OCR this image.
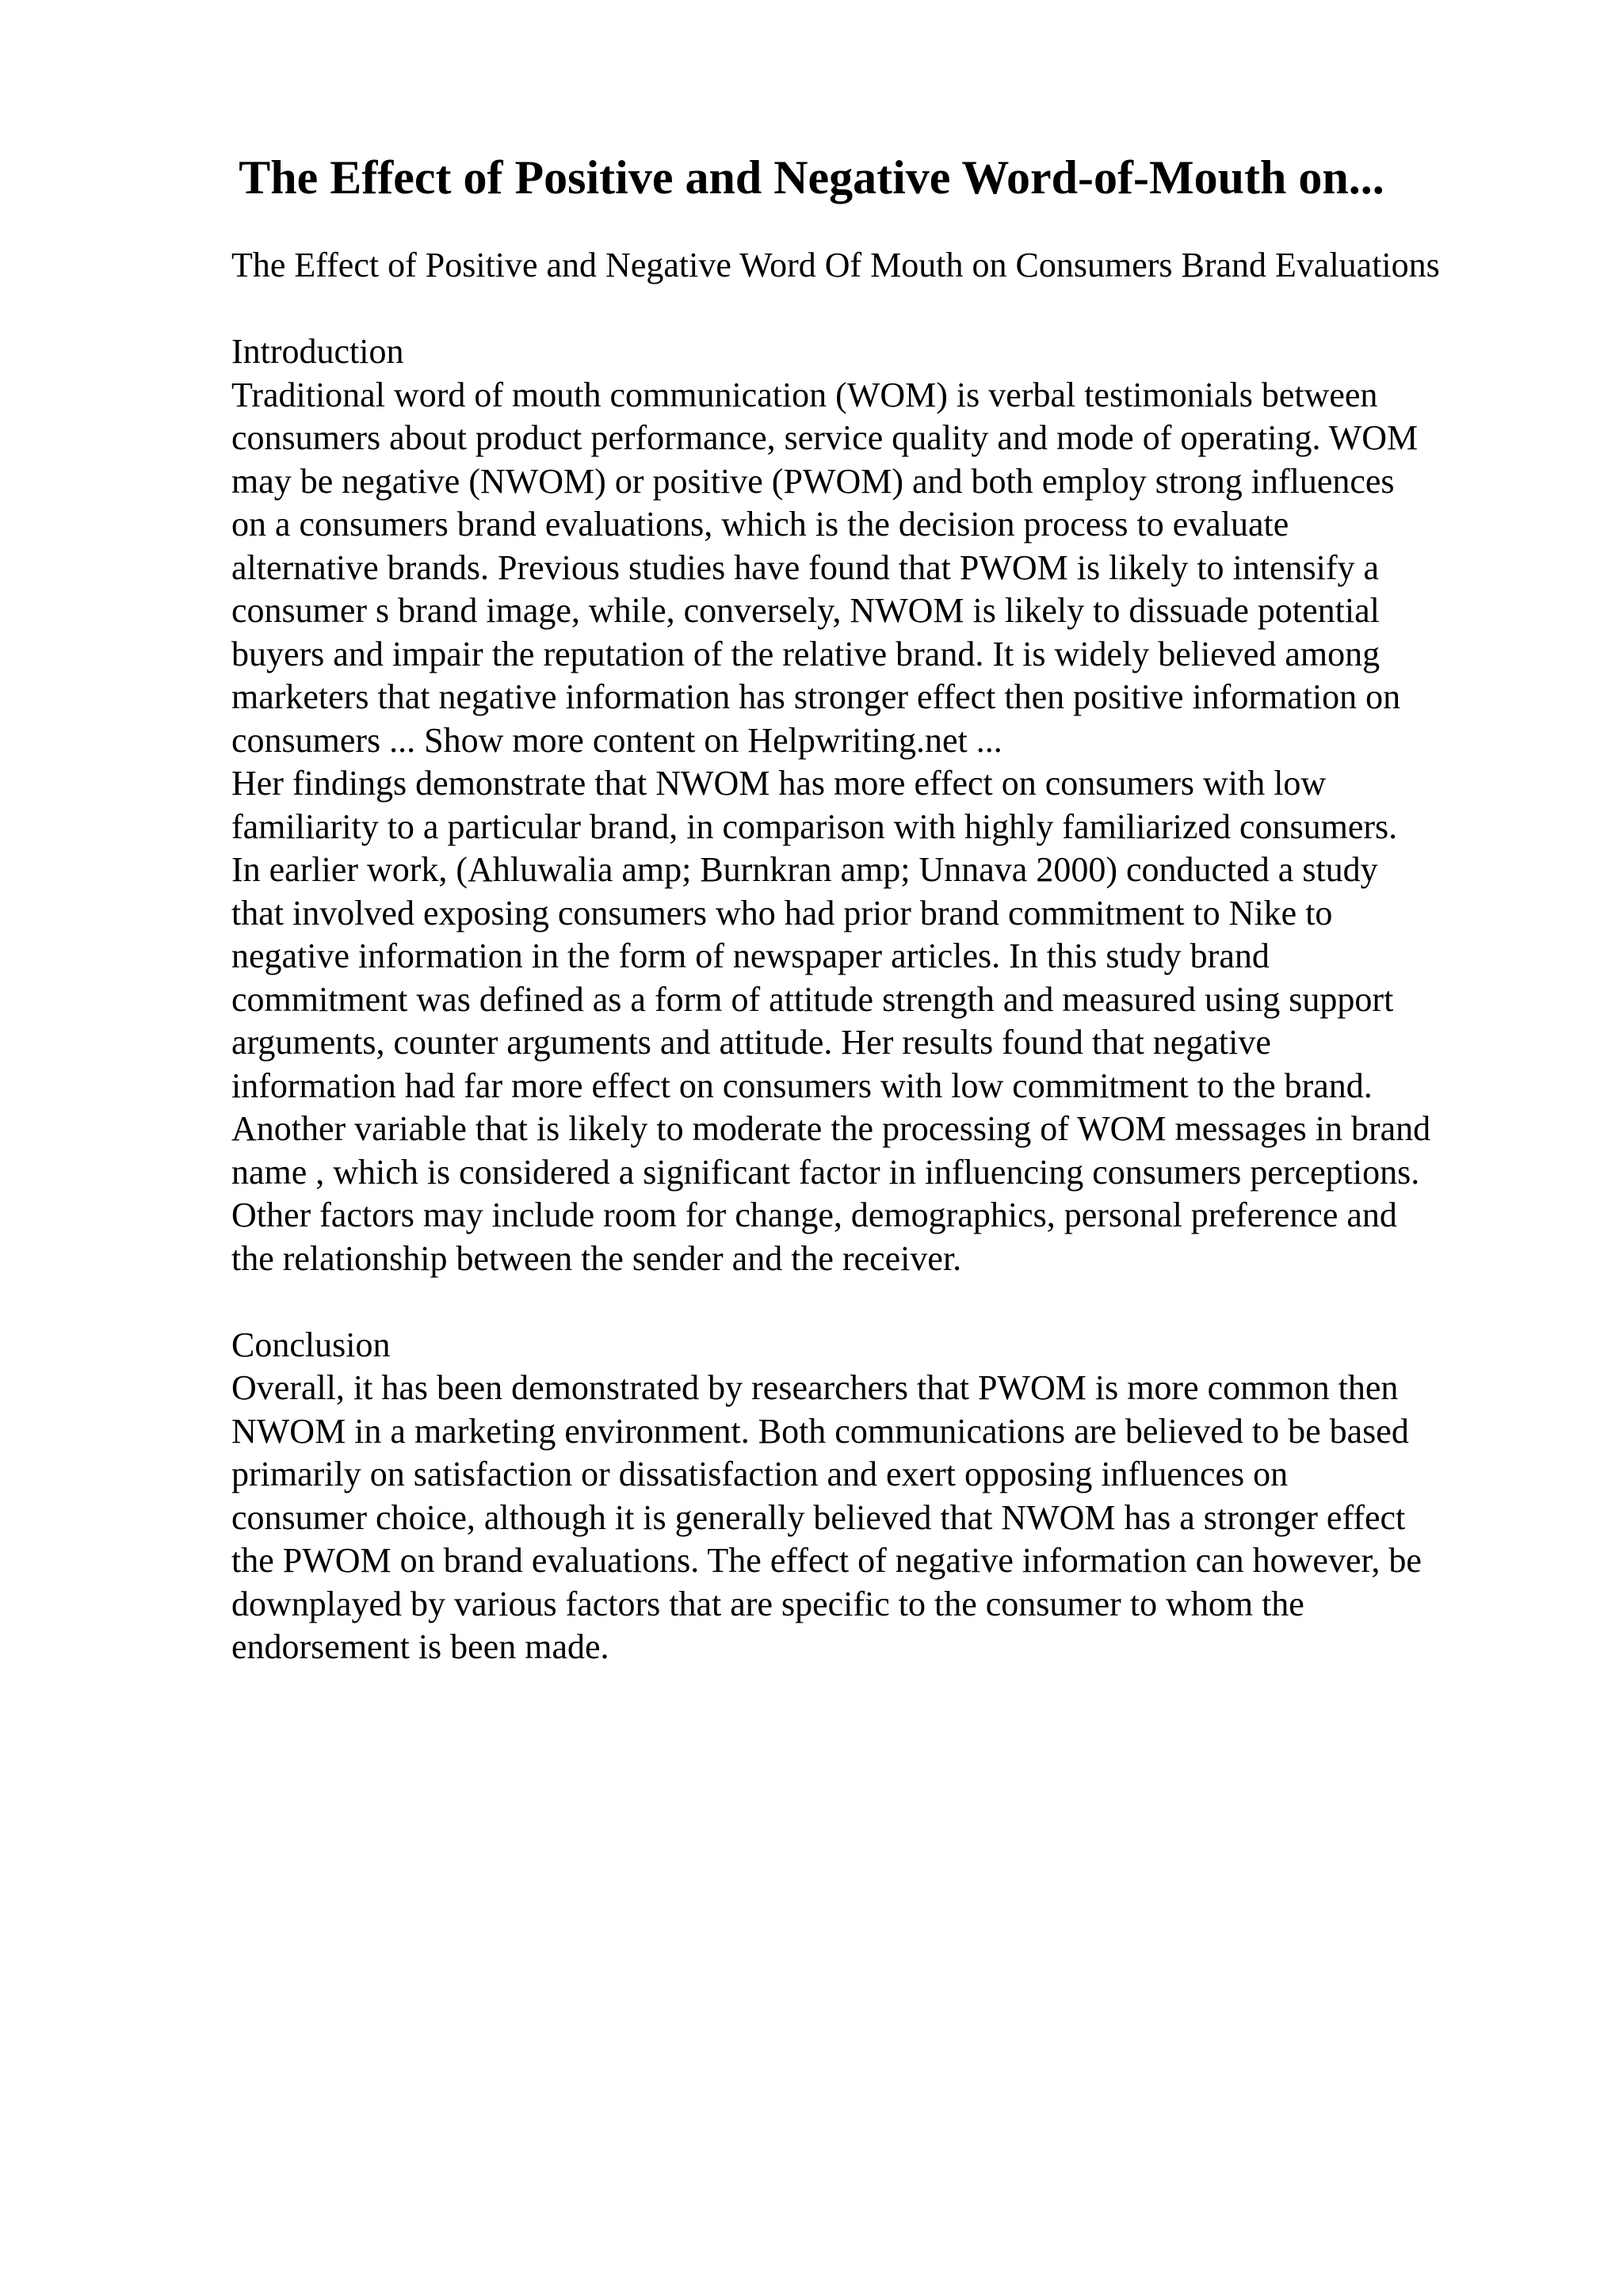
The Effect of Positive and Negative Word-of-Mouth on...

The Effect of Positive and Negative Word Of Mouth on Consumers Brand Evaluations

Introduction

Traditional word of mouth communication (WOM) is verbal testimonials between

consumers about product performance, service quality and mode of operating. WOM

may be negative (NWOM) or positive (PWOM) and both employ strong influences

on a consumers brand evaluations, which is the decision process to evaluate

alternative brands. Previous studies have found that PWOM is likely to intensify a

consumer s brand image, while, conversely, NWOM is likely to dissuade potential

buyers and impair the reputation of the relative brand. It is widely believed among

marketers that negative information has stronger effect then positive information on

consumers ... Show more content on Helpwriting.net ...

Her findings demonstrate that NWOM has more effect on consumers with low

familiarity to a particular brand, in comparison with highly familiarized consumers.

In earlier work, (Ahluwalia amp; Burnkran amp; Unnava 2000) conducted a study

that involved exposing consumers who had prior brand commitment to Nike to

negative information in the form of newspaper articles. In this study brand

commitment was defined as a form of attitude strength and measured using support

arguments, counter arguments and attitude. Her results found that negative

information had far more effect on consumers with low commitment to the brand.

Another variable that is likely to moderate the processing of WOM messages in brand

name , which is considered a significant factor in influencing consumers perceptions.

Other factors may include room for change, demographics, personal preference and

the relationship between the sender and the receiver.

Conclusion

Overall, it has been demonstrated by researchers that PWOM is more common then

NWOM in a marketing environment. Both communications are believed to be based

primarily on satisfaction or dissatisfaction and exert opposing influences on

consumer choice, although it is generally believed that NWOM has a stronger effect

the PWOM on brand evaluations. The effect of negative information can however, be

downplayed by various factors that are specific to the consumer to whom the

endorsement is been made.
